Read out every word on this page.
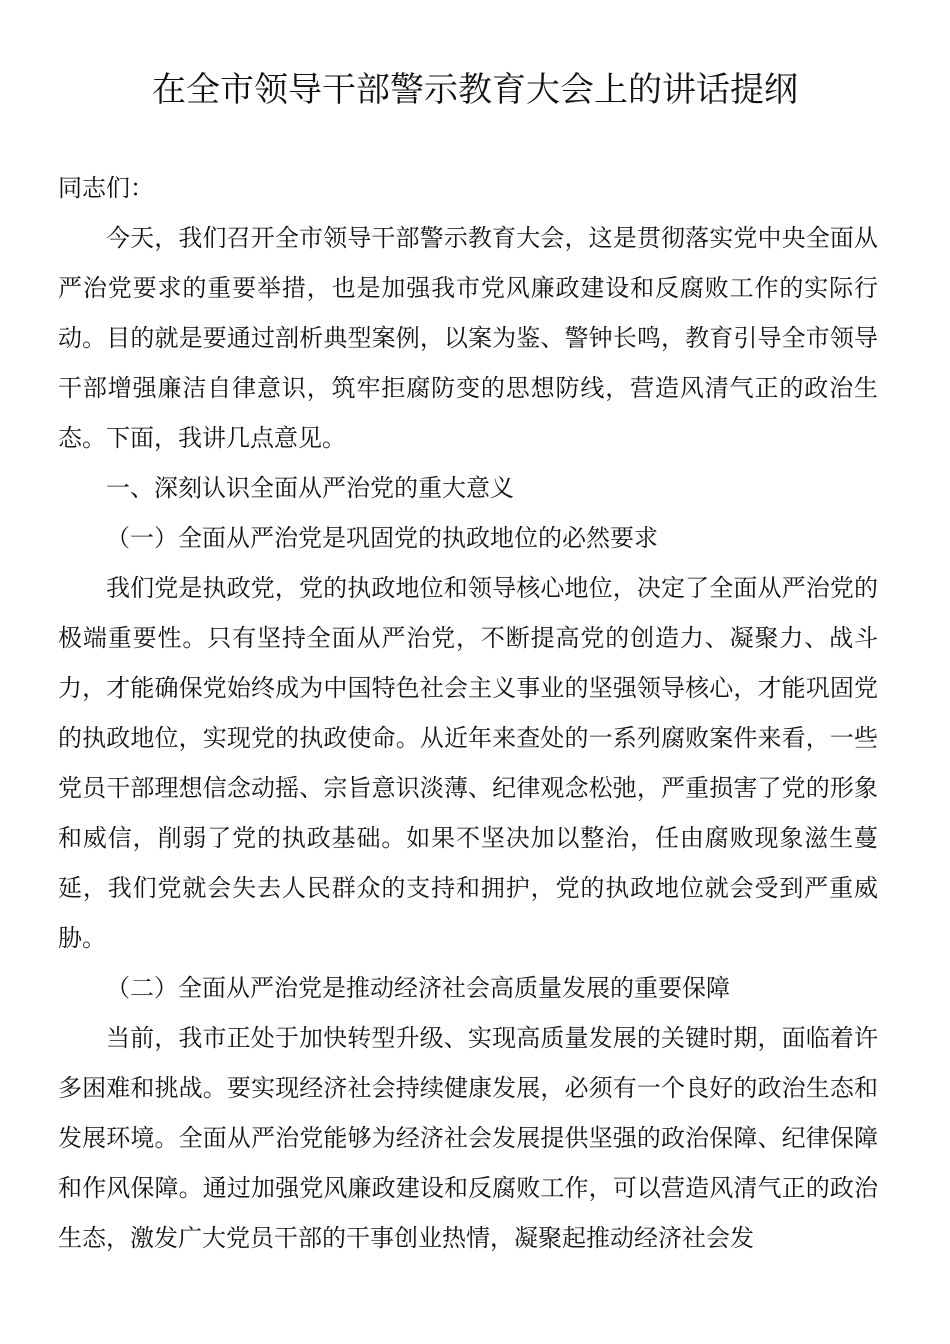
在全市领导干部警示教育大会上的讲话提纲

同志们：

今天，我们召开全市领导干部警示教育大会，这是贯彻落实党中央全面从严治党要求的重要举措，也是加强我市党风廉政建设和反腐败工作的实际行动。目的就是要通过剖析典型案例，以案为鉴、警钟长鸣，教育引导全市领导干部增强廉洁自律意识，筑牢拒腐防变的思想防线，营造风清气正的政治生态。下面，我讲几点意见。

一、深刻认识全面从严治党的重大意义

（一）全面从严治党是巩固党的执政地位的必然要求

我们党是执政党，党的执政地位和领导核心地位，决定了全面从严治党的极端重要性。只有坚持全面从严治党，不断提高党的创造力、凝聚力、战斗力，才能确保党始终成为中国特色社会主义事业的坚强领导核心，才能巩固党的执政地位，实现党的执政使命。从近年来查处的一系列腐败案件来看，一些党员干部理想信念动摇、宗旨意识淡薄、纪律观念松弛，严重损害了党的形象和威信，削弱了党的执政基础。如果不坚决加以整治，任由腐败现象滋生蔓延，我们党就会失去人民群众的支持和拥护，党的执政地位就会受到严重威胁。

（二）全面从严治党是推动经济社会高质量发展的重要保障

当前，我市正处于加快转型升级、实现高质量发展的关键时期，面临着许多困难和挑战。要实现经济社会持续健康发展，必须有一个良好的政治生态和发展环境。全面从严治党能够为经济社会发展提供坚强的政治保障、纪律保障和作风保障。通过加强党风廉政建设和反腐败工作，可以营造风清气正的政治生态，激发广大党员干部的干事创业热情，凝聚起推动经济社会发
